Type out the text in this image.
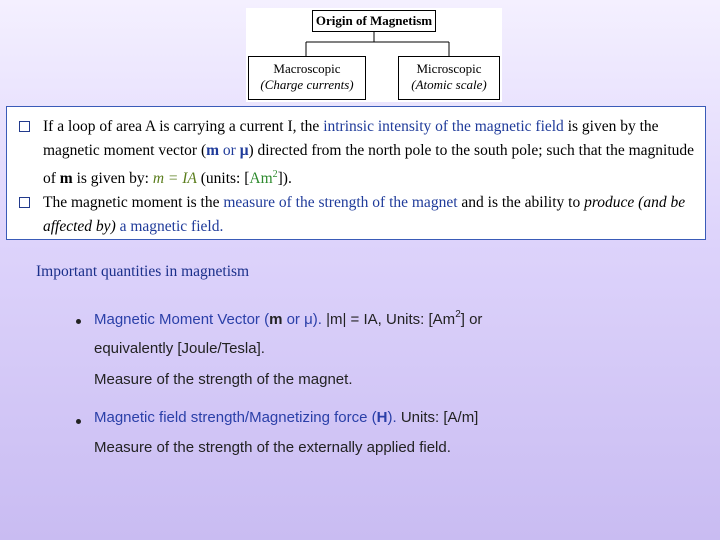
Origin of Magnetism
Macroscopic
(Charge currents)
Microscopic
(Atomic scale)
If a loop of area A is carrying a current I, the intrinsic intensity of the magnetic field is given by the magnetic moment vector (m or μ) directed from the north pole to the south pole; such that the magnitude of m is given by: m = IA (units: [Am$^2$]).
The magnetic moment is the measure of the strength of the magnet and is the ability to produce (and be affected by) a magnetic field.
Important quantities in magnetism
Magnetic Moment Vector (m or μ). |m| = IA, Units: [Am$^2$] or
equivalently [Joule/Tesla].
Measure of the strength of the magnet.
Magnetic field strength/Magnetizing force (H). Units: [A/m]
Measure of the strength of the externally applied field.
